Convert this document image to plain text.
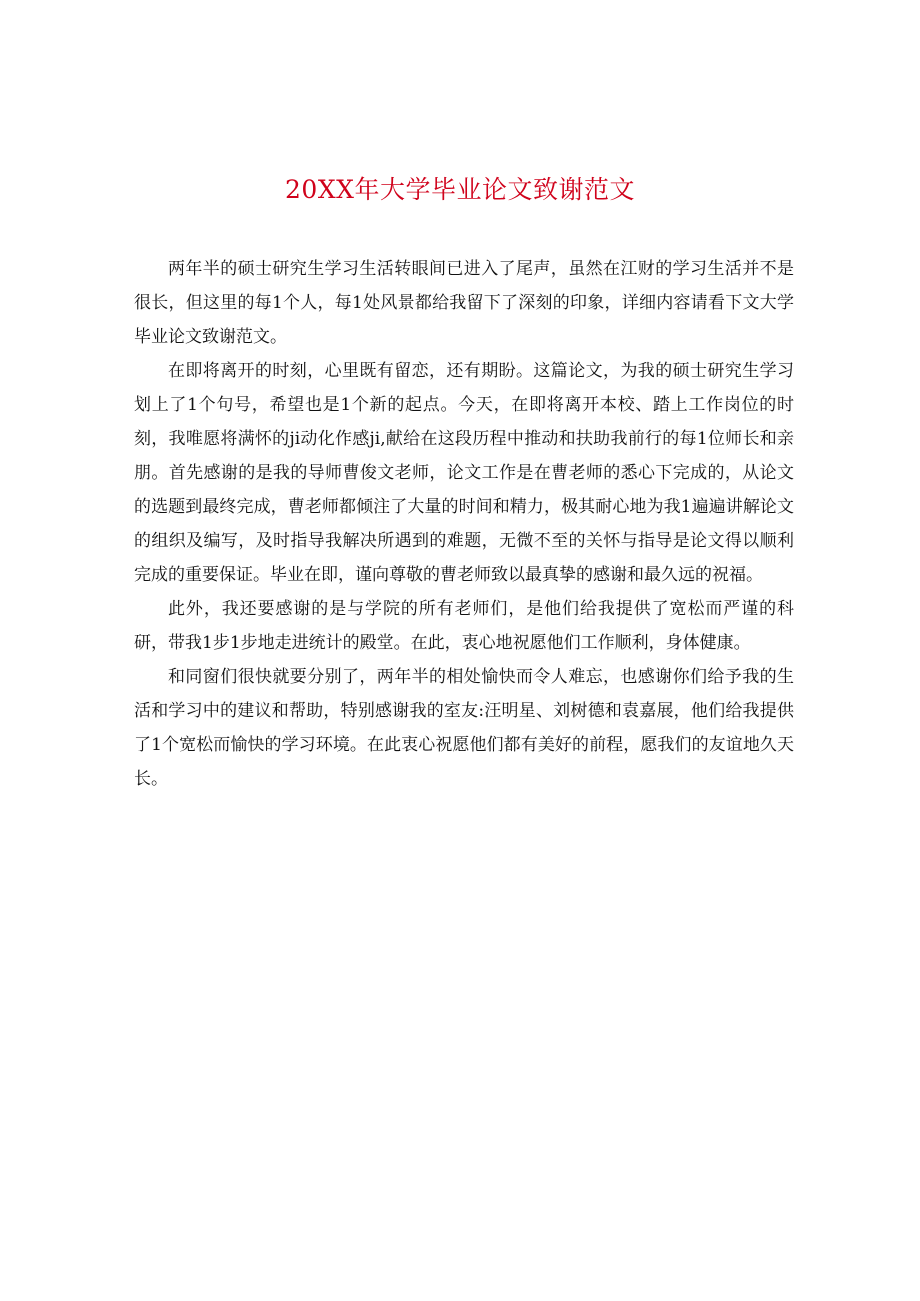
20XX年大学毕业论文致谢范文

两年半的硕士研究生学习生活转眼间已进入了尾声，虽然在江财的学习生活并不是很长，但这里的每1个人，每1处风景都给我留下了深刻的印象，详细内容请看下文大学毕业论文致谢范文。

在即将离开的时刻，心里既有留恋，还有期盼。这篇论文，为我的硕士研究生学习划上了1个句号，希望也是1个新的起点。今天，在即将离开本校、踏上工作岗位的时刻，我唯愿将满怀的ji动化作感ji,献给在这段历程中推动和扶助我前行的每1位师长和亲朋。首先感谢的是我的导师曹俊文老师，论文工作是在曹老师的悉心下完成的，从论文的选题到最终完成，曹老师都倾注了大量的时间和精力，极其耐心地为我1遍遍讲解论文的组织及编写，及时指导我解决所遇到的难题，无微不至的关怀与指导是论文得以顺利完成的重要保证。毕业在即，谨向尊敬的曹老师致以最真挚的感谢和最久远的祝福。

此外，我还要感谢的是与学院的所有老师们，是他们给我提供了宽松而严谨的科研，带我1步1步地走进统计的殿堂。在此，衷心地祝愿他们工作顺利，身体健康。

和同窗们很快就要分别了，两年半的相处愉快而令人难忘，也感谢你们给予我的生活和学习中的建议和帮助，特别感谢我的室友:汪明星、刘树德和袁嘉展，他们给我提供了1个宽松而愉快的学习环境。在此衷心祝愿他们都有美好的前程，愿我们的友谊地久天长。
